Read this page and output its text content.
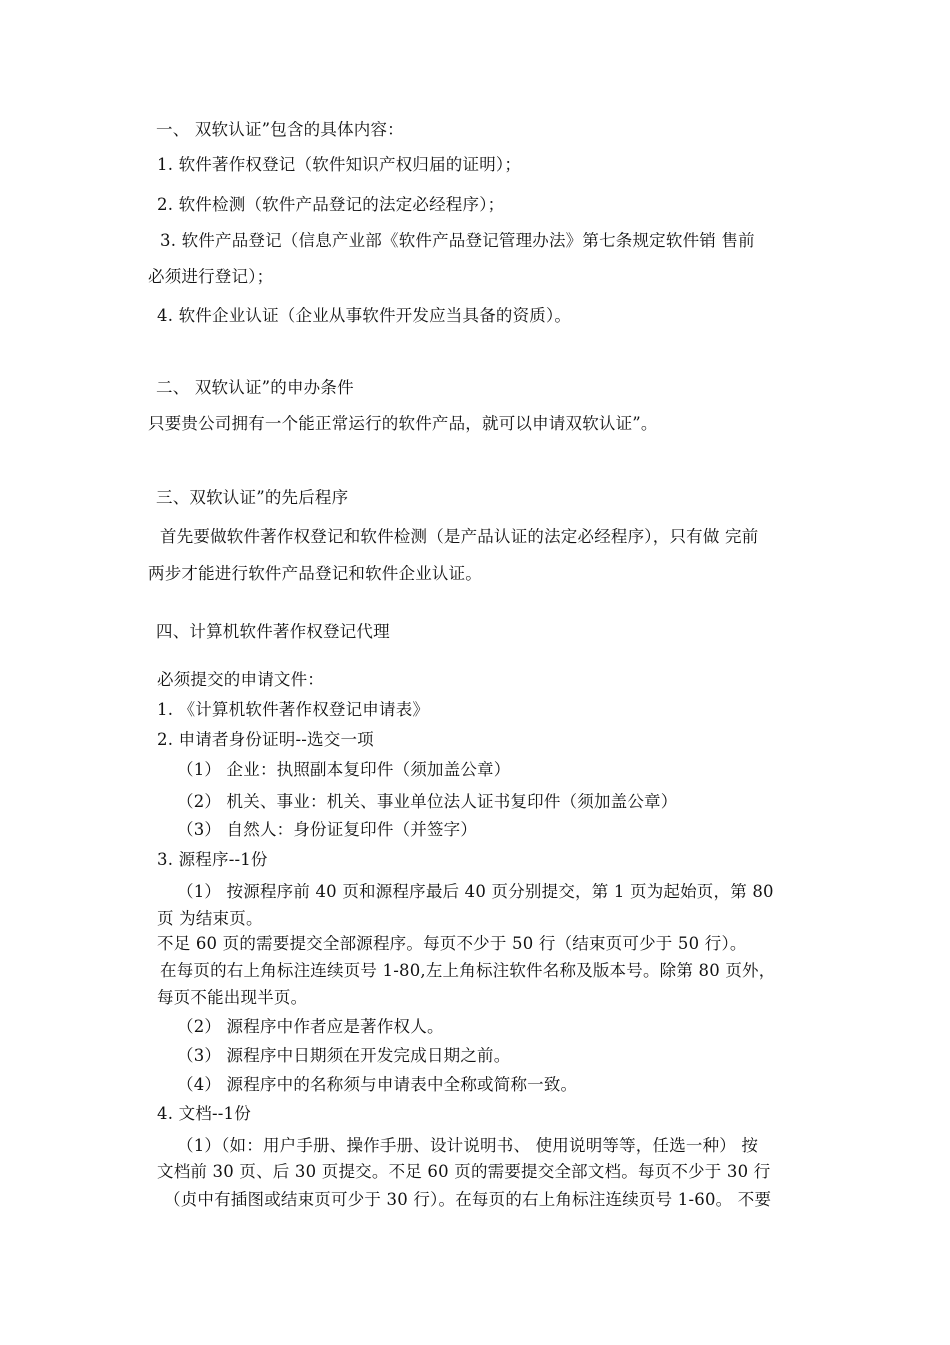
一、 双软认证”包含的具体内容：
1. 软件著作权登记（软件知识产权归届的证明）；
2. 软件检测（软件产品登记的法定必经程序）；
3. 软件产品登记（信息产业部《软件产品登记管理办法》第七条规定软件销 售前
必须进行登记）；
4. 软件企业认证（企业从事软件开发应当具备的资质）。
二、 双软认证”的申办条件
只要贵公司拥有一个能正常运行的软件产品，就可以申请双软认证”。
三、双软认证”的先后程序
首先要做软件著作权登记和软件检测（是产品认证的法定必经程序），只有做 完前
两步才能进行软件产品登记和软件企业认证。
四、计算机软件著作权登记代理
必须提交的申请文件：
1. 《计算机软件著作权登记申请表》
2. 申请者身份证明--选交一项
（1） 企业：执照副本复印件（须加盖公章）
（2） 机关、事业：机关、事业单位法人证书复印件（须加盖公章）
（3） 自然人：身份证复印件（并签字）
3. 源程序--1份
（1） 按源程序前 40 页和源程序最后 40 页分别提交，第 1 页为起始页，第 80
页 为结束页。
不足 60 页的需要提交全部源程序。每页不少于 50 行（结束页可少于 50 行）。
在每页的右上角标注连续页号 1-80,左上角标注软件名称及版本号。除第 80 页外，
每页不能出现半页。
（2） 源程序中作者应是著作权人。
（3） 源程序中日期须在开发完成日期之前。
（4） 源程序中的名称须与申请表中全称或简称一致。
4. 文档--1份
（1）（如：用户手册、操作手册、设计说明书、 使用说明等等，任选一种） 按
文档前 30 页、后 30 页提交。不足 60 页的需要提交全部文档。每页不少于 30 行
（贞中有插图或结束页可少于 30 行）。在每页的右上角标注连续页号 1-60。 不要
